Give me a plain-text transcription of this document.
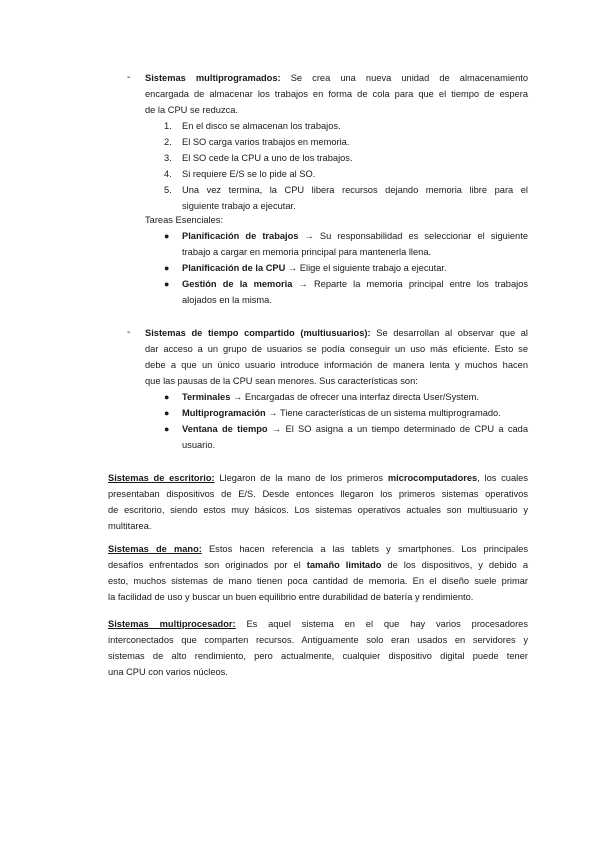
- Sistemas multiprogramados: Se crea una nueva unidad de almacenamiento
encargada de almacenar los trabajos en forma de cola para que el tiempo de espera
de la CPU se reduzca.
1. En el disco se almacenan los trabajos.
2. El SO carga varios trabajos en memoria.
3. El SO cede la CPU a uno de los trabajos.
4. Si requiere E/S se lo pide al SO.
5. Una vez termina, la CPU libera recursos dejando memoria libre para el
siguiente trabajo a ejecutar.
Tareas Esenciales:
● Planificación de trabajos → Su responsabilidad es seleccionar el siguiente
trabajo a cargar en memoria principal para mantenerla llena.
● Planificación de la CPU → Elige el siguiente trabajo a ejecutar.
● Gestión de la memoria → Reparte la memoria principal entre los trabajos
alojados en la misma.
- Sistemas de tiempo compartido (multiusuarios): Se desarrollan al observar que al
dar acceso a un grupo de usuarios se podía conseguir un uso más eficiente. Esto se
debe a que un único usuario introduce información de manera lenta y muchos hacen
que las pausas de la CPU sean menores. Sus características son:
● Terminales → Encargadas de ofrecer una interfaz directa User/System.
● Multiprogramación → Tiene características de un sistema multiprogramado.
● Ventana de tiempo → El SO asigna a un tiempo determinado de CPU a cada
usuario.
Sistemas de escritorio: Llegaron de la mano de los primeros microcomputadores, los cuales
presentaban dispositivos de E/S. Desde entonces llegaron los primeros sistemas operativos
de escritorio, siendo estos muy básicos. Los sistemas operativos actuales son multiusuario y
multitarea.
Sistemas de mano: Estos hacen referencia a las tablets y smartphones. Los principales
desafíos enfrentados son originados por el tamaño limitado de los dispositivos, y debido a
esto, muchos sistemas de mano tienen poca cantidad de memoria. En el diseño suele primar
la facilidad de uso y buscar un buen equilibrio entre durabilidad de batería y rendimiento.
Sistemas multiprocesador: Es aquel sistema en el que hay varios procesadores
interconectados que comparten recursos. Antiguamente solo eran usados en servidores y
sistemas de alto rendimiento, pero actualmente, cualquier dispositivo digital puede tener
una CPU con varios núcleos.
